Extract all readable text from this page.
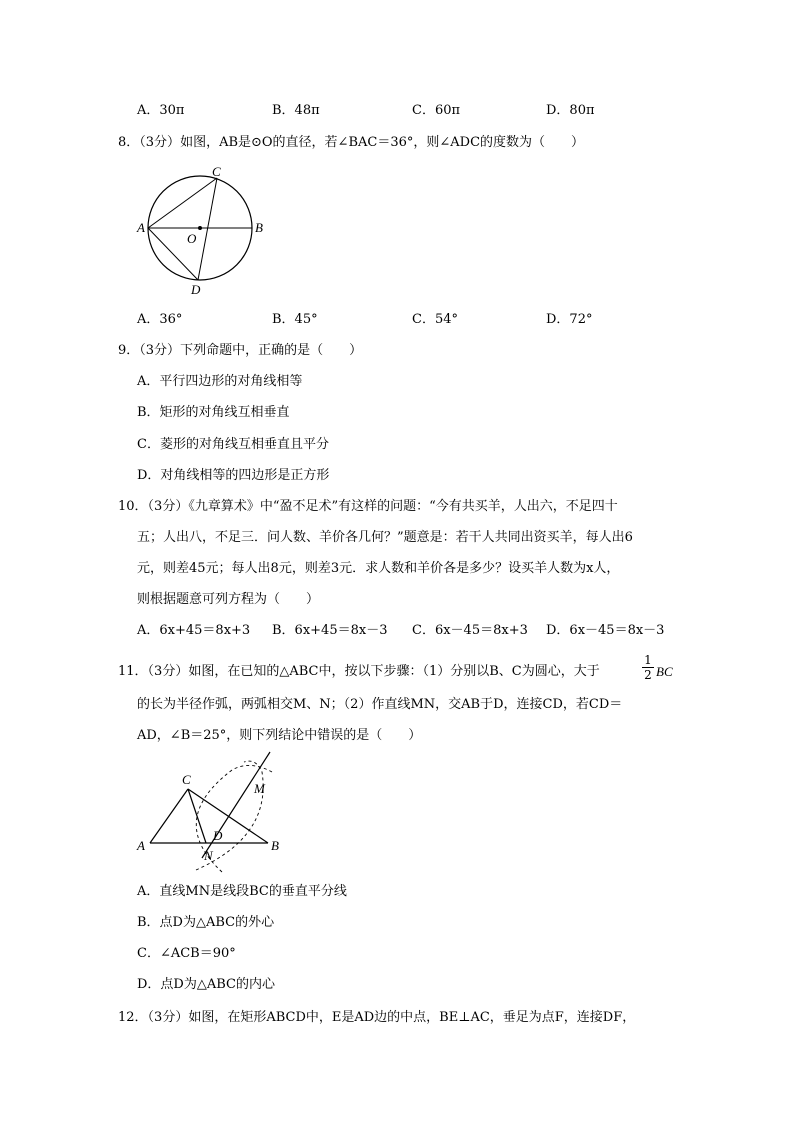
A．30π	B．48π	C．60π	D．80π
8．（3分）如图，AB是⊙O的直径，若∠BAC＝36°，则∠ADC的度数为（　　）
A	B
C
D
O
A．36°	B．45°	C．54°	D．72°
9．（3分）下列命题中，正确的是（　　）
A．平行四边形的对角线相等
B．矩形的对角线互相垂直
C．菱形的对角线互相垂直且平分
D．对角线相等的四边形是正方形
10．（3分）《九章算术》中“盈不足术”有这样的问题：“今有共买羊，人出六，不足四十
五；人出八，不足三．问人数、羊价各几何？”题意是：若干人共同出资买羊，每人出6
元，则差45元；每人出8元，则差3元．求人数和羊价各是多少？设买羊人数为x人，
则根据题意可列方程为（　　）
A．6x+45＝8x+3 B．6x+45＝8x－3 C．6x－45＝8x+3 D．6x－45＝8x－3
11．（3分）如图，在已知的△ABC中，按以下步骤：（1）分别以B、C为圆心，大于
1
2 BC
的长为半径作弧，两弧相交M、N；（2）作直线MN，交AB于D，连接CD，若CD＝
AD，∠B＝25°，则下列结论中错误的是（　　）
A	B
C
D
M
N
A．直线MN是线段BC的垂直平分线
B．点D为△ABC的外心
C．∠ACB＝90°
D．点D为△ABC的内心
12．（3分）如图，在矩形ABCD中，E是AD边的中点，BE⊥AC，垂足为点F，连接DF，
